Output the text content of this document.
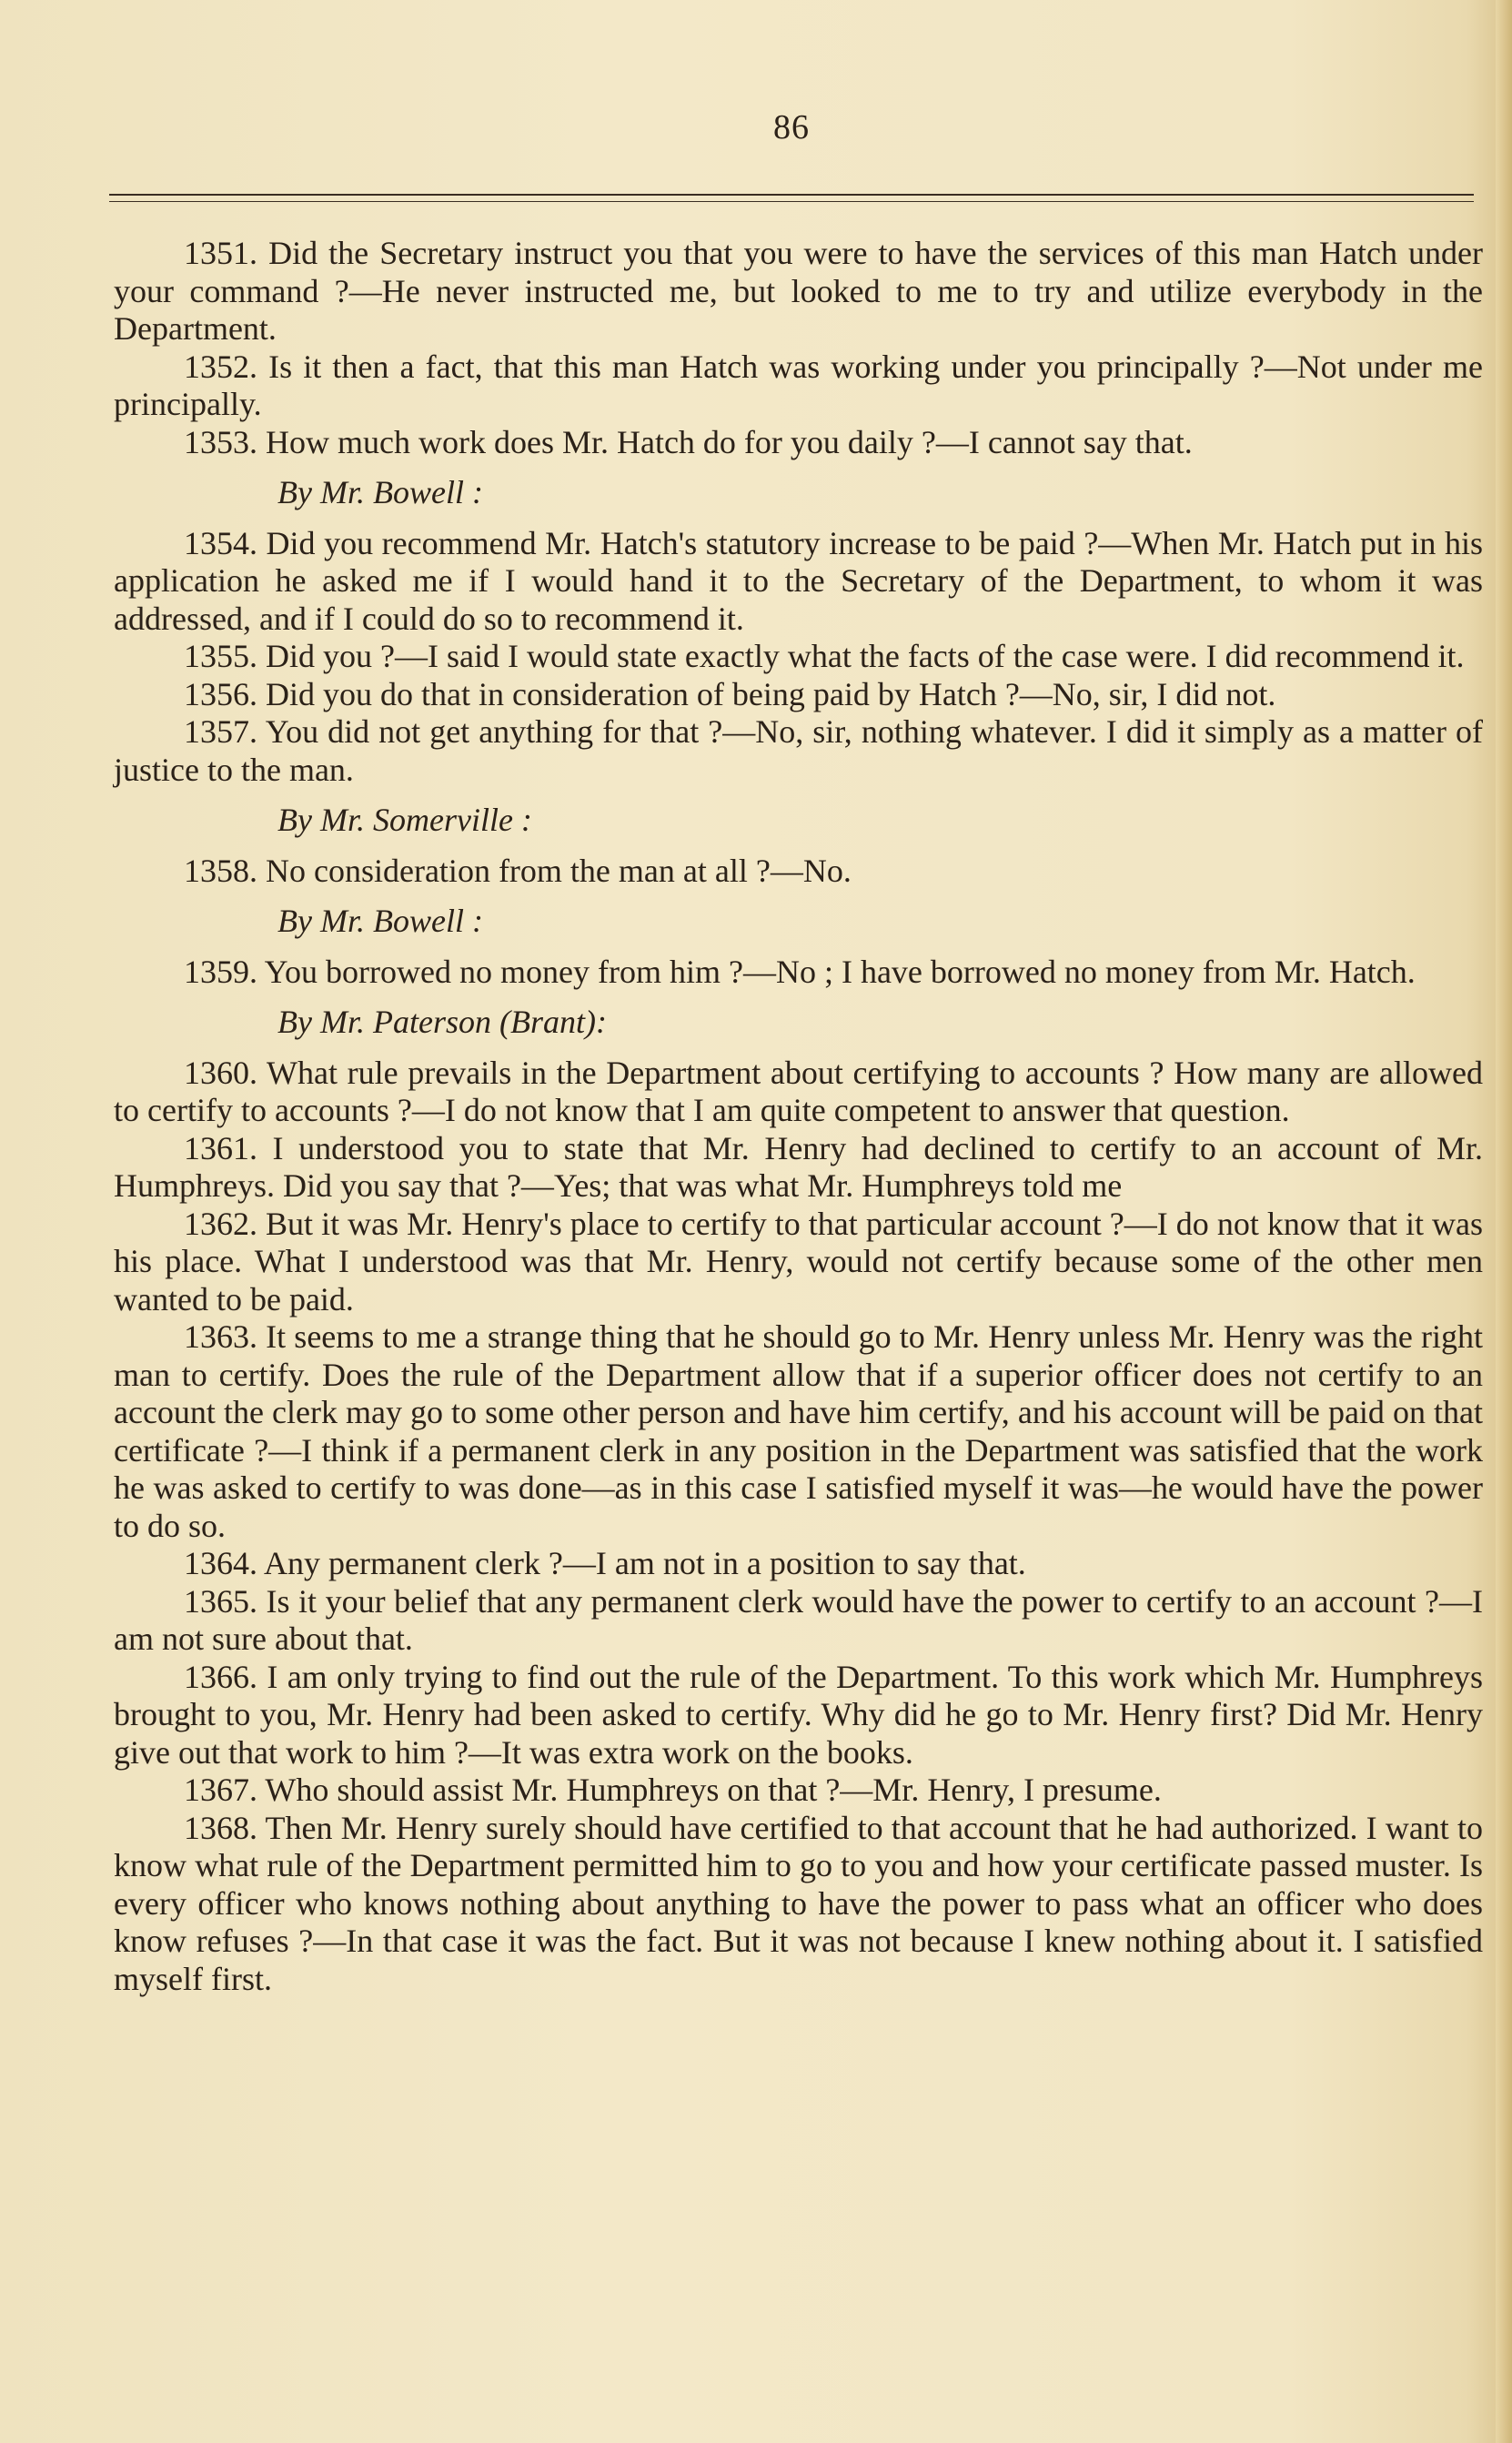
86

1351. Did the Secretary instruct you that you were to have the services of this man Hatch under your command ?—He never instructed me, but looked to me to try and utilize everybody in the Department.

1352. Is it then a fact, that this man Hatch was working under you principally ?—Not under me principally.

1353. How much work does Mr. Hatch do for you daily ?—I cannot say that.

By Mr. Bowell :

1354. Did you recommend Mr. Hatch's statutory increase to be paid ?—When Mr. Hatch put in his application he asked me if I would hand it to the Secretary of the Department, to whom it was addressed, and if I could do so to recommend it.

1355. Did you ?—I said I would state exactly what the facts of the case were. I did recommend it.

1356. Did you do that in consideration of being paid by Hatch ?—No, sir, I did not.

1357. You did not get anything for that ?—No, sir, nothing whatever. I did it simply as a matter of justice to the man.

By Mr. Somerville :

1358. No consideration from the man at all ?—No.

By Mr. Bowell :

1359. You borrowed no money from him ?—No ; I have borrowed no money from Mr. Hatch.

By Mr. Paterson (Brant):

1360. What rule prevails in the Department about certifying to accounts ? How many are allowed to certify to accounts ?—I do not know that I am quite competent to answer that question.

1361. I understood you to state that Mr. Henry had declined to certify to an account of Mr. Humphreys. Did you say that ?—Yes; that was what Mr. Humphreys told me

1362. But it was Mr. Henry's place to certify to that particular account ?—I do not know that it was his place. What I understood was that Mr. Henry, would not certify because some of the other men wanted to be paid.

1363. It seems to me a strange thing that he should go to Mr. Henry unless Mr. Henry was the right man to certify. Does the rule of the Department allow that if a superior officer does not certify to an account the clerk may go to some other person and have him certify, and his account will be paid on that certificate ?—I think if a permanent clerk in any position in the Department was satisfied that the work he was asked to certify to was done—as in this case I satisfied myself it was—he would have the power to do so.

1364. Any permanent clerk ?—I am not in a position to say that.

1365. Is it your belief that any permanent clerk would have the power to certify to an account ?—I am not sure about that.

1366. I am only trying to find out the rule of the Department. To this work which Mr. Humphreys brought to you, Mr. Henry had been asked to certify. Why did he go to Mr. Henry first? Did Mr. Henry give out that work to him ?—It was extra work on the books.

1367. Who should assist Mr. Humphreys on that ?—Mr. Henry, I presume.

1368. Then Mr. Henry surely should have certified to that account that he had authorized. I want to know what rule of the Department permitted him to go to you and how your certificate passed muster. Is every officer who knows nothing about anything to have the power to pass what an officer who does know refuses ?—In that case it was the fact. But it was not because I knew nothing about it. I satisfied myself first.
